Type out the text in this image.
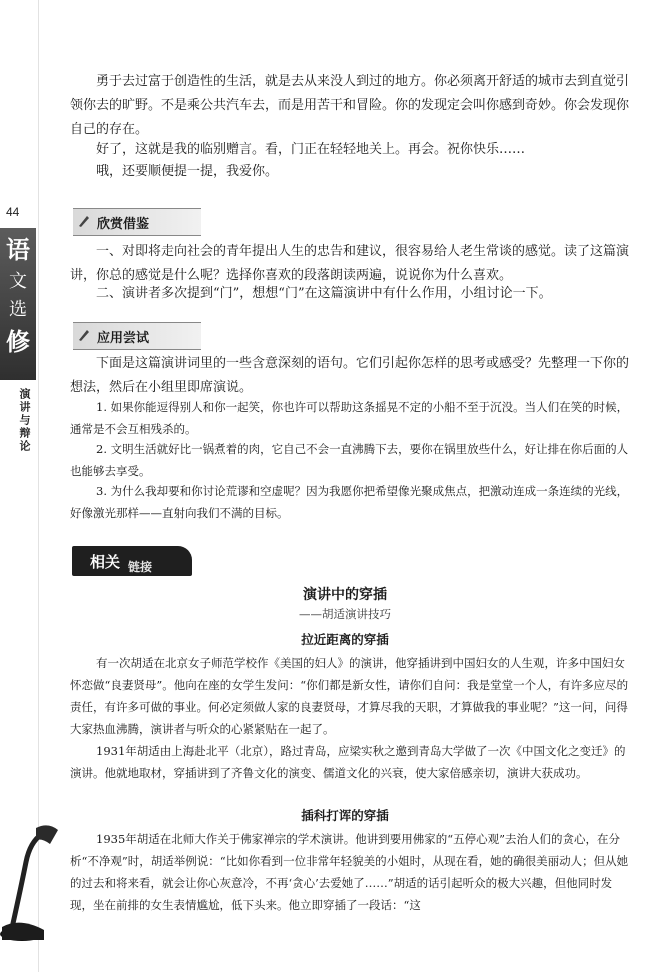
44
语
文
选
修
演讲与辩论

勇于去过富于创造性的生活，就是去从来没人到过的地方。你必须离开舒适的城市去到直觉引领你去的旷野。不是乘公共汽车去，而是用苦干和冒险。你的发现定会叫你感到奇妙。你会发现你自己的存在。

好了，这就是我的临别赠言。看，门正在轻轻地关上。再会。祝你快乐……

哦，还要顺便提一提，我爱你。

欣赏借鉴

一、对即将走向社会的青年提出人生的忠告和建议，很容易给人老生常谈的感觉。读了这篇演讲，你总的感觉是什么呢？选择你喜欢的段落朗读两遍，说说你为什么喜欢。

二、演讲者多次提到“门”，想想“门”在这篇演讲中有什么作用，小组讨论一下。

应用尝试

下面是这篇演讲词里的一些含意深刻的语句。它们引起你怎样的思考或感受？先整理一下你的想法，然后在小组里即席演说。

1. 如果你能逗得别人和你一起笑，你也许可以帮助这条摇晃不定的小船不至于沉没。当人们在笑的时候，通常是不会互相残杀的。

2. 文明生活就好比一锅煮着的肉，它自己不会一直沸腾下去，要你在锅里放些什么，好让排在你后面的人也能够去享受。

3. 为什么我却要和你讨论荒谬和空虚呢？因为我愿你把希望像光聚成焦点，把激动连成一条连续的光线，好像激光那样——直射向我们不满的目标。

相关 链接

演讲中的穿插

——胡适演讲技巧

拉近距离的穿插

有一次胡适在北京女子师范学校作《美国的妇人》的演讲，他穿插讲到中国妇女的人生观，许多中国妇女怀恋做“良妻贤母”。他向在座的女学生发问：“你们都是新女性，请你们自问：我是堂堂一个人，有许多应尽的责任，有许多可做的事业。何必定须做人家的良妻贤母，才算尽我的天职，才算做我的事业呢？”这一问，问得大家热血沸腾，演讲者与听众的心紧紧贴在一起了。

1931年胡适由上海赴北平（北京），路过青岛，应梁实秋之邀到青岛大学做了一次《中国文化之变迁》的演讲。他就地取材，穿插讲到了齐鲁文化的演变、儒道文化的兴衰，使大家倍感亲切，演讲大获成功。

插科打诨的穿插

1935年胡适在北师大作关于佛家禅宗的学术演讲。他讲到要用佛家的“五停心观”去治人们的贪心，在分析“不净观”时，胡适举例说：“比如你看到一位非常年轻貌美的小姐时，从现在看，她的确很美丽动人；但从她的过去和将来看，就会让你心灰意冷，不再‘贪心’去爱她了……”胡适的话引起听众的极大兴趣，但他同时发现，坐在前排的女生表情尴尬，低下头来。他立即穿插了一段话：“这
